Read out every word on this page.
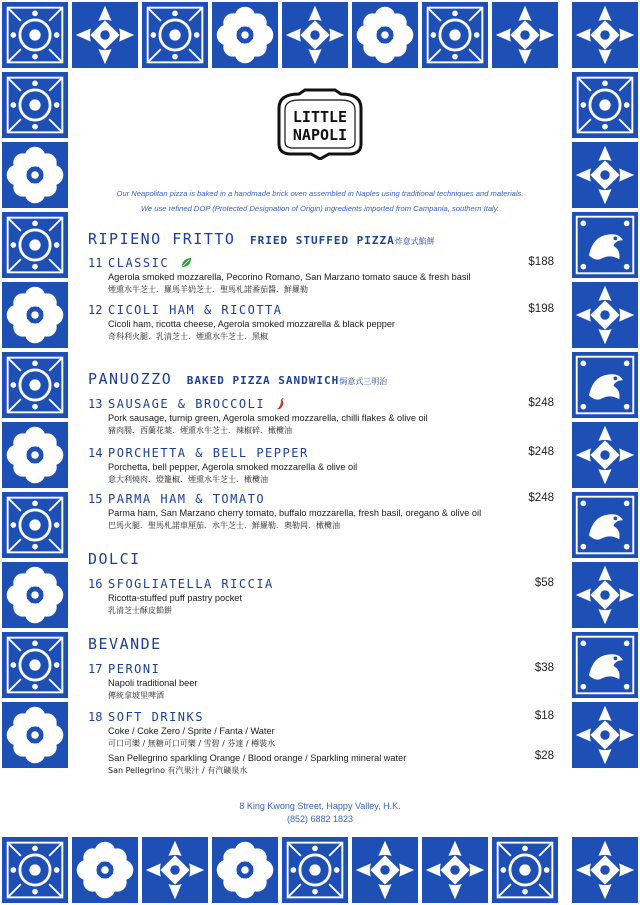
LITTLE
NAPOLI

Our Neapolitan pizza is baked in a handmade brick oven assembled in Naples using traditional techniques and materials.

We use refined DOP (Protected Designation of Origin) ingredients imported from Campania, southern Italy.

RIPIENO FRITTO FRIED STUFFED PIZZA炸意式餡餅
11 CLASSIC	$188
Agerola smoked mozzarella, Pecorino Romano, San Marzano tomato sauce & fresh basil
煙熏水牛芝士．羅馬羊奶芝士．聖馬札諾番茄醬．鮮羅勒
12 CICOLI HAM & RICOTTA	$198
Cicoli ham, ricotta cheese, Agerola smoked mozzarella & black pepper
奇科利火腿．乳清芝士．煙熏水牛芝士．黑椒
PANUOZZO BAKED PIZZA SANDWICH焗意式三明治
13 SAUSAGE & BROCCOLI	$248
Pork sausage, turnip green, Agerola smoked mozzarella, chilli flakes & olive oil
豬肉腸．西蘭花葉．煙熏水牛芝士．辣椒碎．橄欖油
14 PORCHETTA & BELL PEPPER	$248
Porchetta, bell pepper, Agerola smoked mozzarella & olive oil
意大利燒肉．燈籠椒．煙熏水牛芝士．橄欖油
15 PARMA HAM & TOMATO	$248
Parma ham, San Marzano cherry tomato, buffalo mozzarella, fresh basil, oregano & olive oil
巴馬火腿．聖馬札諾車厘茄．水牛芝士．鮮羅勒．奧勒岡．橄欖油
DOLCI
16 SFOGLIATELLA RICCIA	$58
Ricotta-stuffed puff pastry pocket
乳清芝士酥皮餡餅
BEVANDE
17 PERONI	$38
Napoli traditional beer
傳統拿坡里啤酒
18 SOFT DRINKS	$18
Coke / Coke Zero / Sprite / Fanta / Water
可口可樂 / 無糖可口可樂 / 雪碧 / 芬達 / 樽裝水
San Pellegrino sparkling Orange / Blood orange / Sparkling mineral water	$28
San Pellegrino 有汽果汁 / 有汽礦泉水
8 King Kwong Street, Happy Valley, H.K.
(852) 6882 1823
